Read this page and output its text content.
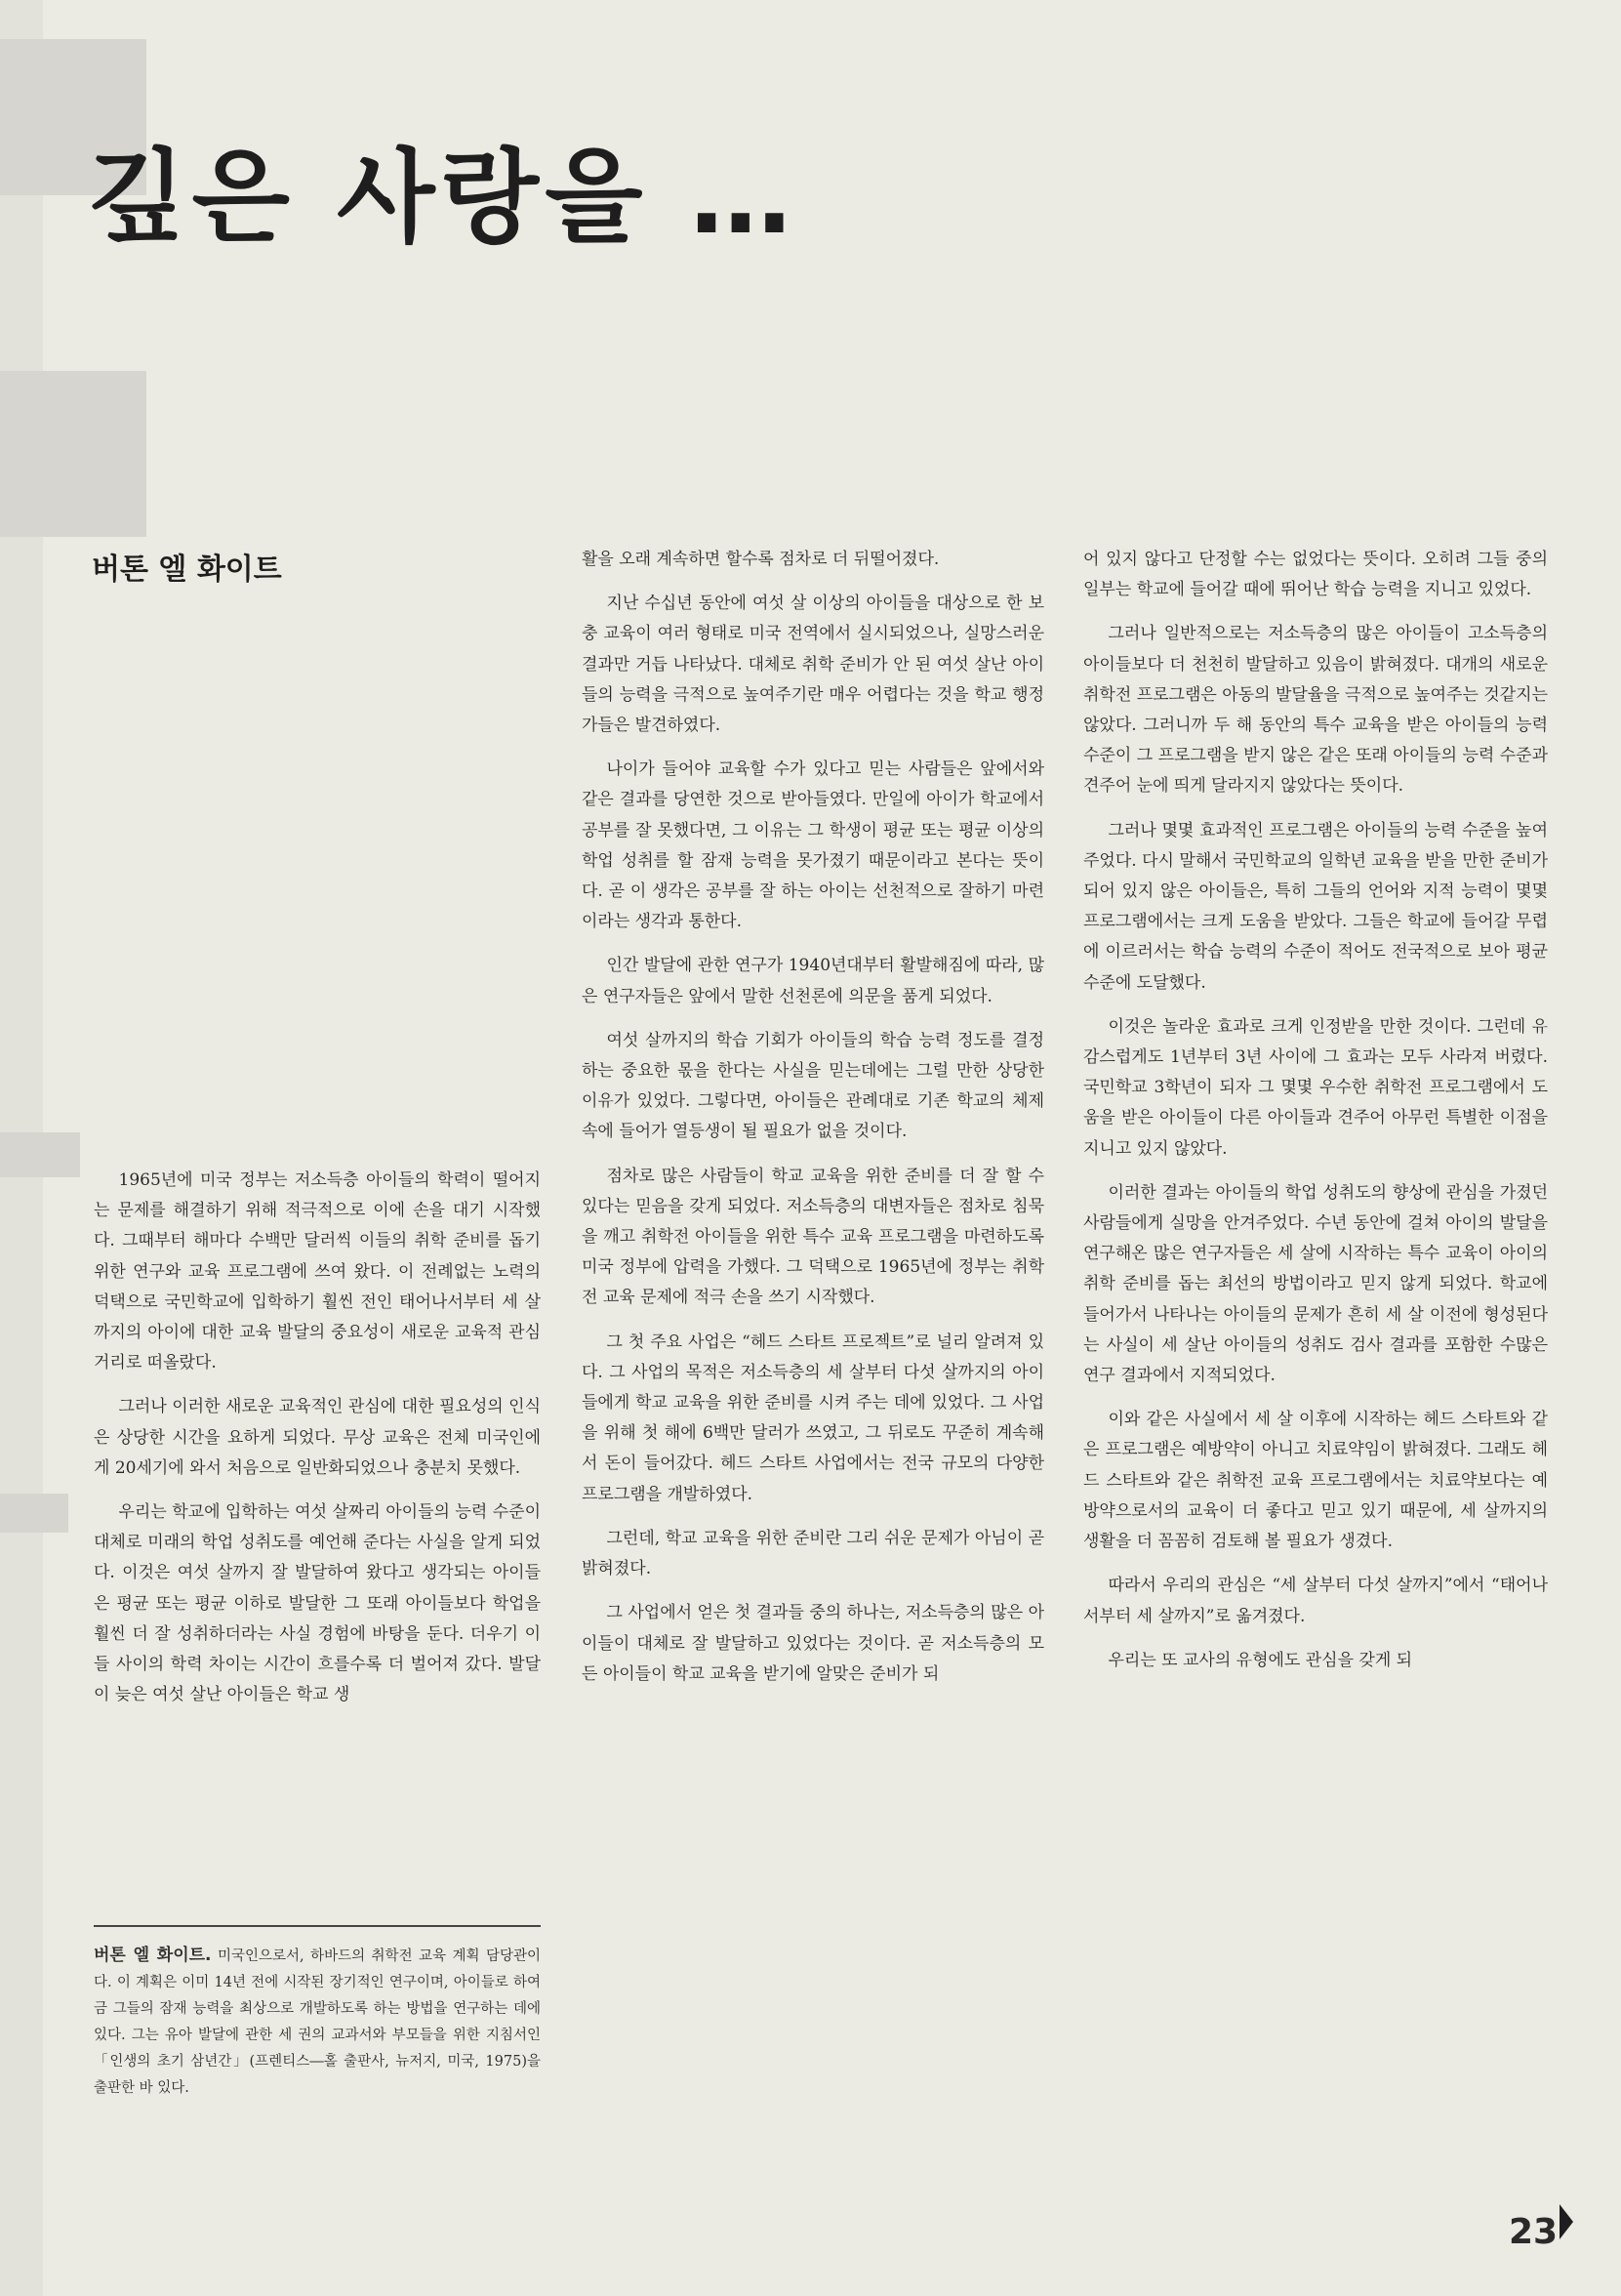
깊은 사랑을 …
버톤 엘 화이트

1965년에 미국 정부는 저소득층 아이들의 학력이 떨어지는 문제를 해결하기 위해 적극적으로 이에 손을 대기 시작했다. 그때부터 해마다 수백만 달러씩 이들의 취학 준비를 돕기 위한 연구와 교육 프로그램에 쓰여 왔다. 이 전례없는 노력의 덕택으로 국민학교에 입학하기 훨씬 전인 태어나서부터 세 살까지의 아이에 대한 교육 발달의 중요성이 새로운 교육적 관심거리로 떠올랐다.

그러나 이러한 새로운 교육적인 관심에 대한 필요성의 인식은 상당한 시간을 요하게 되었다. 무상 교육은 전체 미국인에게 20세기에 와서 처음으로 일반화되었으나 충분치 못했다.

우리는 학교에 입학하는 여섯 살짜리 아이들의 능력 수준이 대체로 미래의 학업 성취도를 예언해 준다는 사실을 알게 되었다. 이것은 여섯 살까지 잘 발달하여 왔다고 생각되는 아이들은 평균 또는 평균 이하로 발달한 그 또래 아이들보다 학업을 훨씬 더 잘 성취하더라는 사실 경험에 바탕을 둔다. 더우기 이들 사이의 학력 차이는 시간이 흐를수록 더 벌어져 갔다. 발달이 늦은 여섯 살난 아이들은 학교 생

버톤 엘 화이트. 미국인으로서, 하바드의 취학전 교육 계획 담당관이다. 이 계획은 이미 14년 전에 시작된 장기적인 연구이며, 아이들로 하여금 그들의 잠재 능력을 최상으로 개발하도록 하는 방법을 연구하는 데에 있다. 그는 유아 발달에 관한 세 권의 교과서와 부모들을 위한 지침서인 「인생의 초기 삼년간」(프렌티스―홀 출판사, 뉴저지, 미국, 1975)을 출판한 바 있다.

활을 오래 계속하면 할수록 점차로 더 뒤떨어졌다.

지난 수십년 동안에 여섯 살 이상의 아이들을 대상으로 한 보충 교육이 여러 형태로 미국 전역에서 실시되었으나, 실망스러운 결과만 거듭 나타났다. 대체로 취학 준비가 안 된 여섯 살난 아이들의 능력을 극적으로 높여주기란 매우 어렵다는 것을 학교 행정가들은 발견하였다.

나이가 들어야 교육할 수가 있다고 믿는 사람들은 앞에서와 같은 결과를 당연한 것으로 받아들였다. 만일에 아이가 학교에서 공부를 잘 못했다면, 그 이유는 그 학생이 평균 또는 평균 이상의 학업 성취를 할 잠재 능력을 못가졌기 때문이라고 본다는 뜻이다. 곧 이 생각은 공부를 잘 하는 아이는 선천적으로 잘하기 마련이라는 생각과 통한다.

인간 발달에 관한 연구가 1940년대부터 활발해짐에 따라, 많은 연구자들은 앞에서 말한 선천론에 의문을 품게 되었다.

여섯 살까지의 학습 기회가 아이들의 학습 능력 정도를 결정하는 중요한 몫을 한다는 사실을 믿는데에는 그럴 만한 상당한 이유가 있었다. 그렇다면, 아이들은 관례대로 기존 학교의 체제속에 들어가 열등생이 될 필요가 없을 것이다.

점차로 많은 사람들이 학교 교육을 위한 준비를 더 잘 할 수 있다는 믿음을 갖게 되었다. 저소득층의 대변자들은 점차로 침묵을 깨고 취학전 아이들을 위한 특수 교육 프로그램을 마련하도록 미국 정부에 압력을 가했다. 그 덕택으로 1965년에 정부는 취학전 교육 문제에 적극 손을 쓰기 시작했다.

그 첫 주요 사업은 “헤드 스타트 프로젝트”로 널리 알려져 있다. 그 사업의 목적은 저소득층의 세 살부터 다섯 살까지의 아이들에게 학교 교육을 위한 준비를 시켜 주는 데에 있었다. 그 사업을 위해 첫 해에 6백만 달러가 쓰였고, 그 뒤로도 꾸준히 계속해서 돈이 들어갔다. 헤드 스타트 사업에서는 전국 규모의 다양한 프로그램을 개발하였다.

그런데, 학교 교육을 위한 준비란 그리 쉬운 문제가 아님이 곧 밝혀졌다.

그 사업에서 얻은 첫 결과들 중의 하나는, 저소득층의 많은 아이들이 대체로 잘 발달하고 있었다는 것이다. 곧 저소득층의 모든 아이들이 학교 교육을 받기에 알맞은 준비가 되

어 있지 않다고 단정할 수는 없었다는 뜻이다. 오히려 그들 중의 일부는 학교에 들어갈 때에 뛰어난 학습 능력을 지니고 있었다.

그러나 일반적으로는 저소득층의 많은 아이들이 고소득층의 아이들보다 더 천천히 발달하고 있음이 밝혀졌다. 대개의 새로운 취학전 프로그램은 아동의 발달율을 극적으로 높여주는 것같지는 않았다. 그러니까 두 해 동안의 특수 교육을 받은 아이들의 능력 수준이 그 프로그램을 받지 않은 같은 또래 아이들의 능력 수준과 견주어 눈에 띄게 달라지지 않았다는 뜻이다.

그러나 몇몇 효과적인 프로그램은 아이들의 능력 수준을 높여 주었다. 다시 말해서 국민학교의 일학년 교육을 받을 만한 준비가 되어 있지 않은 아이들은, 특히 그들의 언어와 지적 능력이 몇몇 프로그램에서는 크게 도움을 받았다. 그들은 학교에 들어갈 무렵에 이르러서는 학습 능력의 수준이 적어도 전국적으로 보아 평균 수준에 도달했다.

이것은 놀라운 효과로 크게 인정받을 만한 것이다. 그런데 유감스럽게도 1년부터 3년 사이에 그 효과는 모두 사라져 버렸다. 국민학교 3학년이 되자 그 몇몇 우수한 취학전 프로그램에서 도움을 받은 아이들이 다른 아이들과 견주어 아무런 특별한 이점을 지니고 있지 않았다.

이러한 결과는 아이들의 학업 성취도의 향상에 관심을 가졌던 사람들에게 실망을 안겨주었다. 수년 동안에 걸쳐 아이의 발달을 연구해온 많은 연구자들은 세 살에 시작하는 특수 교육이 아이의 취학 준비를 돕는 최선의 방법이라고 믿지 않게 되었다. 학교에 들어가서 나타나는 아이들의 문제가 흔히 세 살 이전에 형성된다는 사실이 세 살난 아이들의 성취도 검사 결과를 포함한 수많은 연구 결과에서 지적되었다.

이와 같은 사실에서 세 살 이후에 시작하는 헤드 스타트와 같은 프로그램은 예방약이 아니고 치료약임이 밝혀졌다. 그래도 헤드 스타트와 같은 취학전 교육 프로그램에서는 치료약보다는 예방약으로서의 교육이 더 좋다고 믿고 있기 때문에, 세 살까지의 생활을 더 꼼꼼히 검토해 볼 필요가 생겼다.

따라서 우리의 관심은 “세 살부터 다섯 살까지”에서 “태어나 서부터 세 살까지”로 옮겨졌다.

우리는 또 교사의 유형에도 관심을 갖게 되

23
